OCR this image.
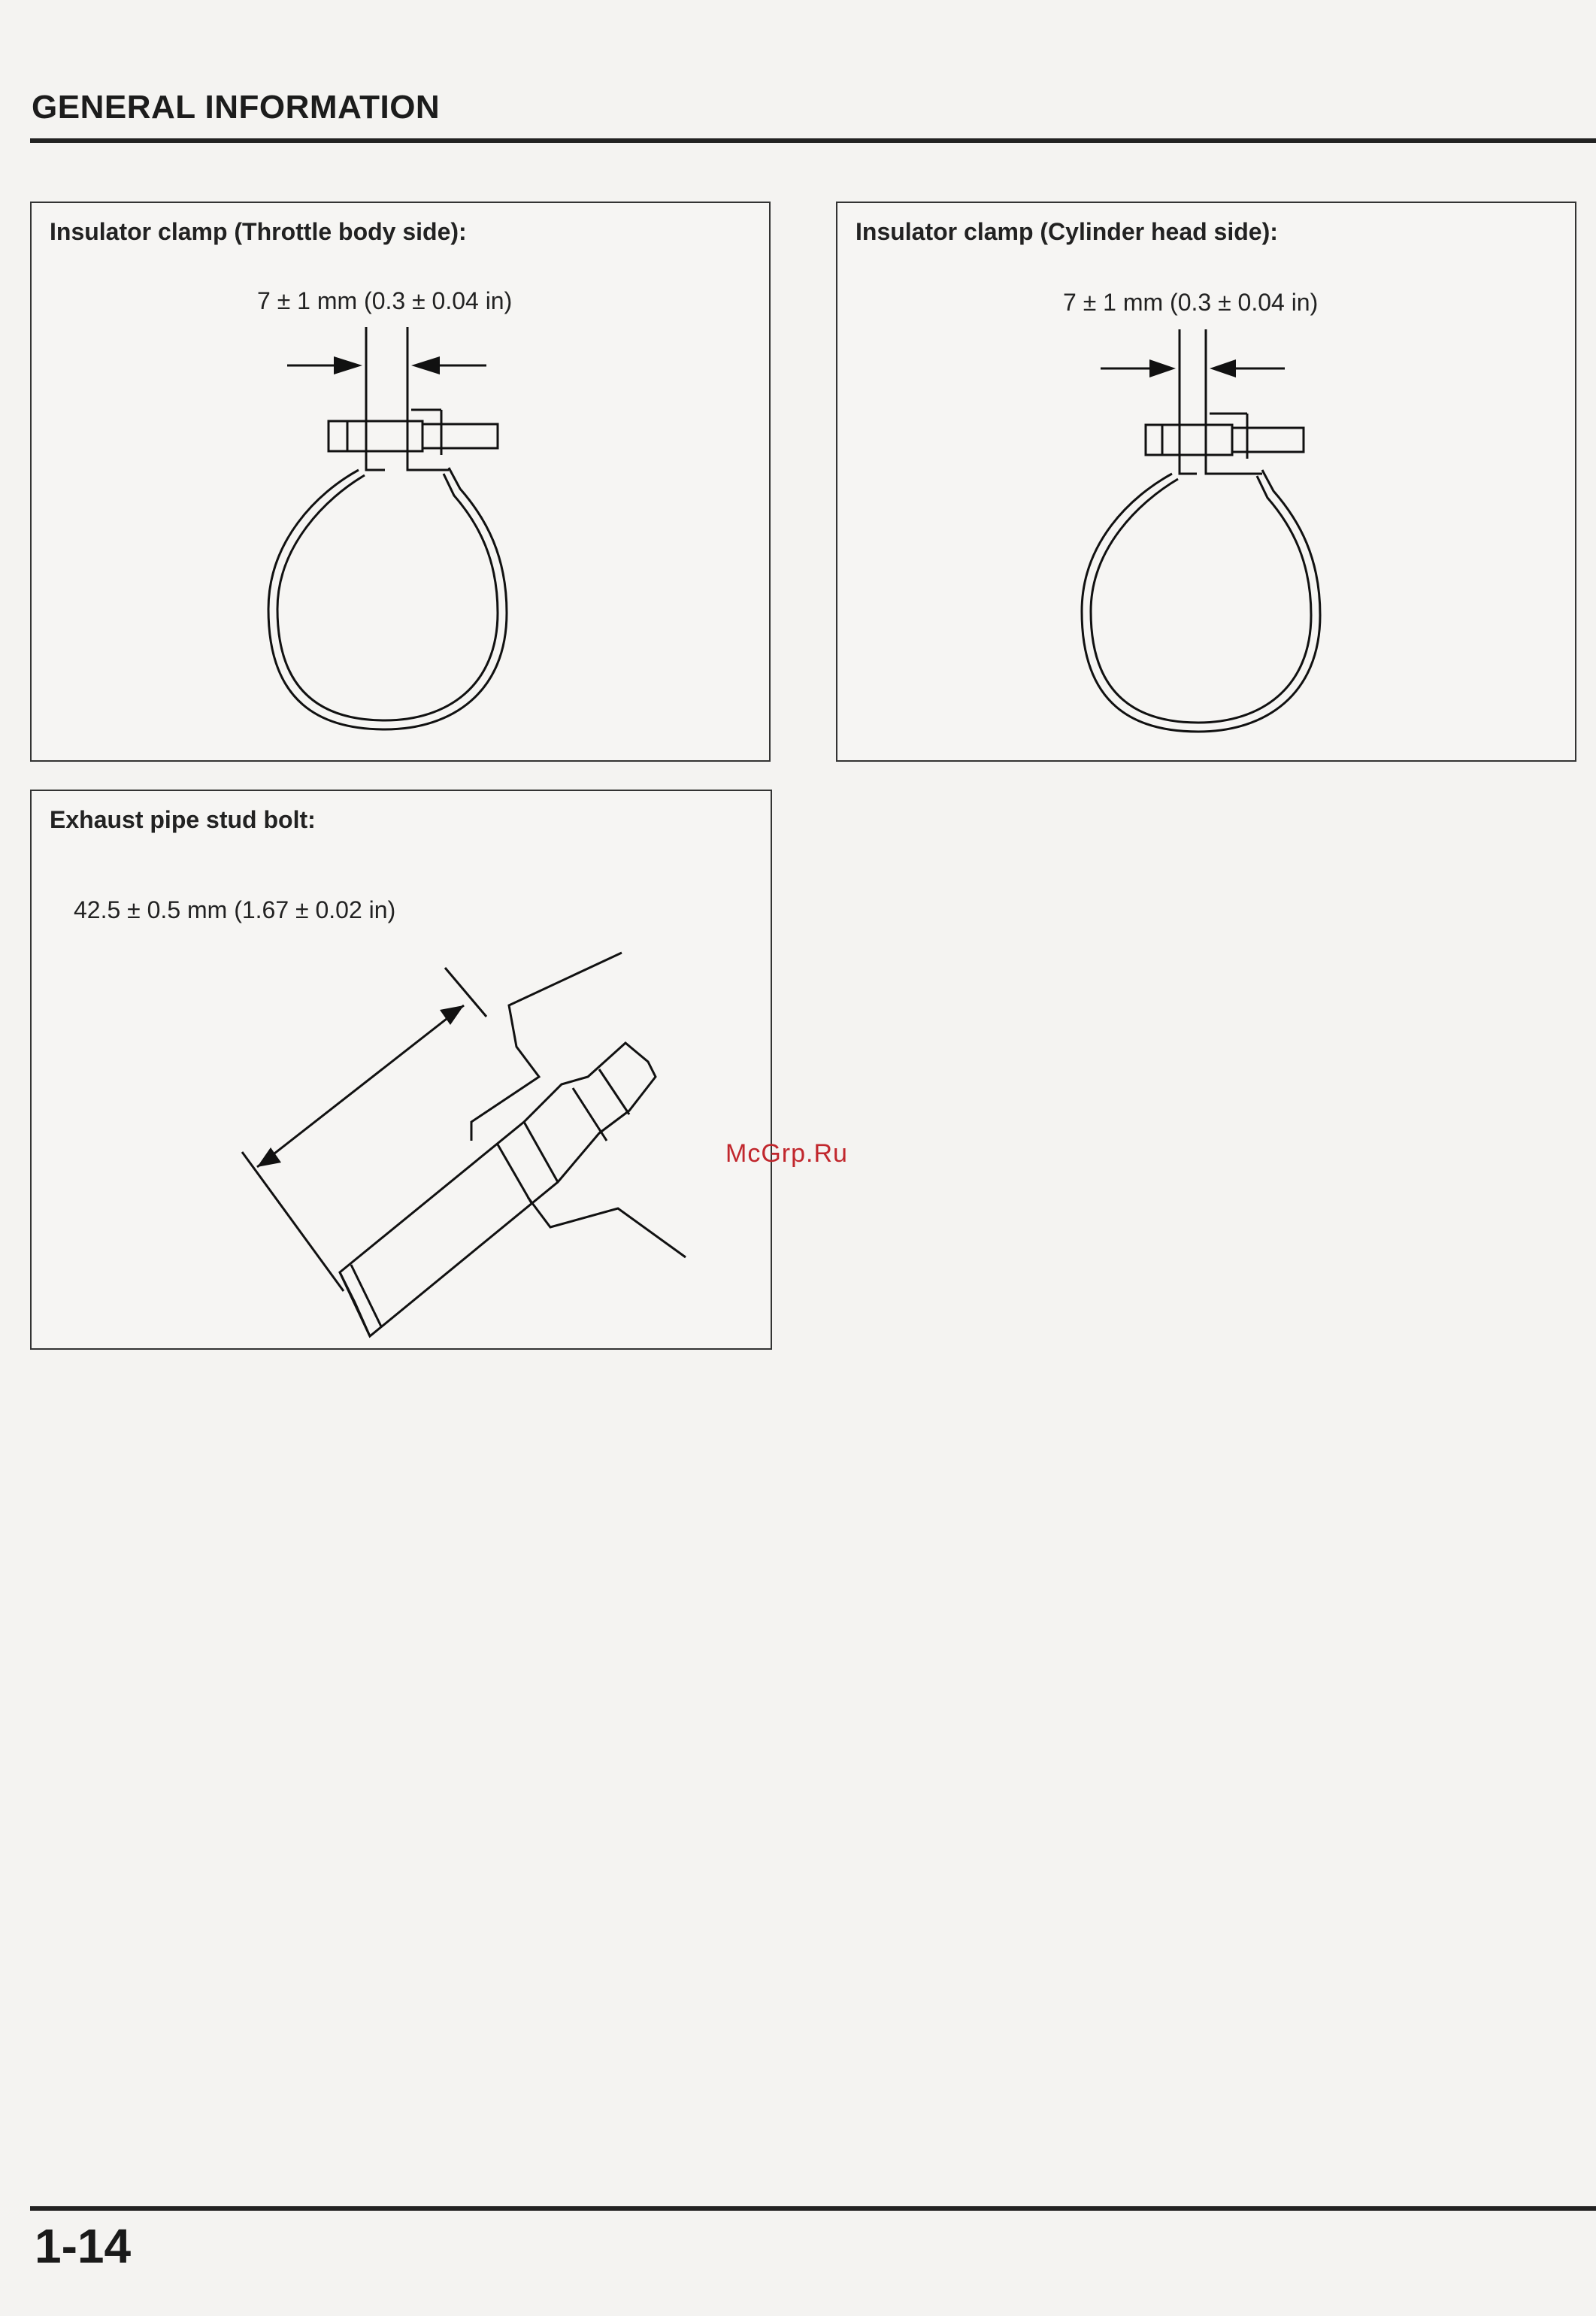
GENERAL INFORMATION

Insulator clamp (Throttle body side):

7 ± 1 mm (0.3 ± 0.04 in)

Insulator clamp (Cylinder head side):

7 ± 1 mm (0.3 ± 0.04 in)

Exhaust pipe stud bolt:

42.5 ± 0.5 mm (1.67 ± 0.02 in)
McGrp.Ru

1-14
